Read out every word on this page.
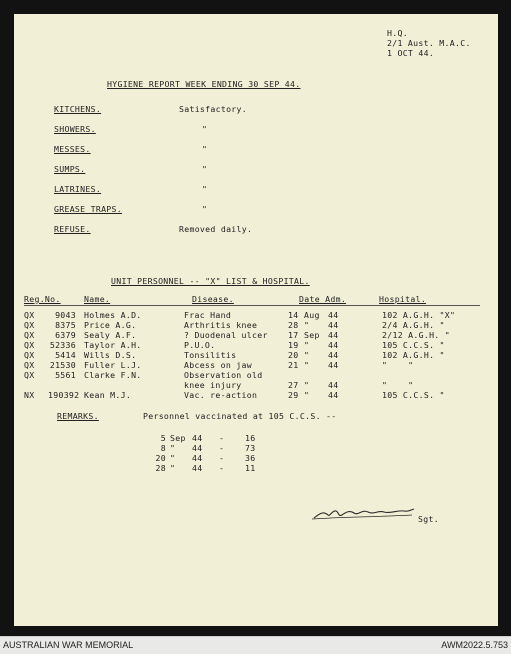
H.Q.
2/1 Aust. M.A.C.
1 OCT 44.
HYGIENE REPORT WEEK ENDING 30 SEP 44.
KITCHENS.	Satisfactory.
SHOWERS.	"
MESSES.	"
SUMPS.	"
LATRINES.	"
GREASE TRAPS.	"
REFUSE.	Removed daily.
UNIT PERSONNEL -- "X" LIST & HOSPITAL.
Reg.No.	Name.	Disease.	Date Adm.	Hospital.
QX	9043 Holmes A.D.	Frac Hand	14 Aug 44	102 A.G.H. "X"
QX	8375 Price A.G.	Arthritis knee	28 " 44	2/4 A.G.H. "
QX	6379 Sealy A.F.	? Duodenal ulcer 17 Sep 44	2/12 A.G.H. "
QX 52336 Taylor A.H.	P.U.O.	19 " 44	105 C.C.S. "
QX	5414 Wills D.S.	Tonsilitis	20 " 44	102 A.G.H. "
QX 21530 Fuller L.J.	Abcess on jaw	21 " 44	"    "
QX	5561 Clarke F.N.	Observation old
knee injury	27 " 44	"    "
NX 190392 Kean M.J.	Vac. re-action	29 " 44	105 C.C.S. "
REMARKS.	Personnel vaccinated at 105 C.C.S. --
5 Sep 44 -	16
8 " 44 -	73
20 " 44 -	36
28 " 44 -	11
Sgt.
AUSTRALIAN WAR MEMORIAL	AWM2022.5.753
